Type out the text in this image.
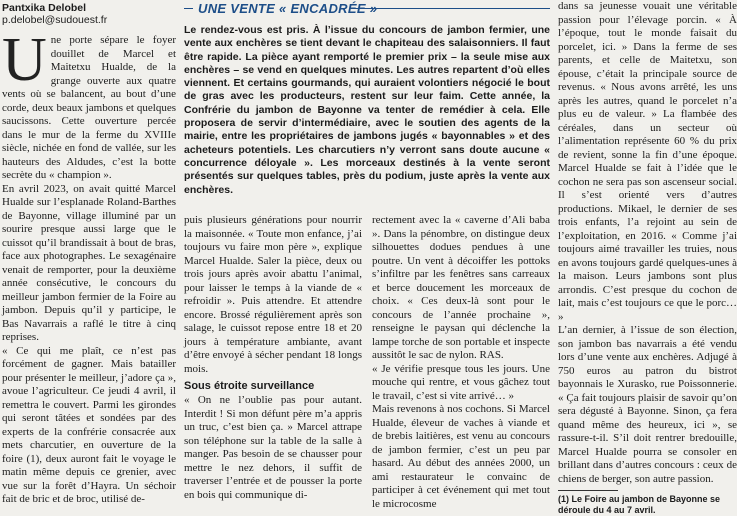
Pantxika Delobel
p.delobel@sudouest.fr
Une porte sépare le foyer douillet de Marcel et Maitetxu Hualde, de la grange ouverte aux quatre vents où se balancent, au bout d’une corde, deux beaux jambons et quelques saucissons. Cette ouverture percée dans le mur de la ferme du XVIIIe siècle, nichée en fond de vallée, sur les hauteurs des Aldudes, c’est la botte secrète du « champion ».

En avril 2023, on avait quitté Marcel Hualde sur l’esplanade Roland-Barthes de Bayonne, village illuminé par un sourire presque aussi large que le cuissot qu’il brandissait à bout de bras, face aux photographes. Le sexagénaire venait de remporter, pour la deuxième année consécutive, le concours du meilleur jambon fermier de la Foire au jambon. Depuis qu’il y participe, le Bas Navarrais a raflé le titre à cinq reprises.

« Ce qui me plaît, ce n’est pas forcément de gagner. Mais batailler pour présenter le meilleur, j’adore ça », avoue l’agriculteur. Ce jeudi 4 avril, il remettra le couvert. Parmi les girondes qui seront tâtées et sondées par des experts de la confrérie consacrée aux mets charcutier, en ouverture de la foire (1), deux auront fait le voyage le matin même depuis ce grenier, avec vue sur la forêt d’Hayra. Un séchoir fait de bric et de broc, utilisé de-

UNE VENTE « ENCADRÉE »
Le rendez-vous est pris. À l’issue du concours de jambon fermier, une vente aux enchères se tient devant le chapiteau des salaisonniers. Il faut être rapide. La pièce ayant remporté le premier prix – la seule mise aux enchères – se vend en quelques minutes. Les autres repartent d’où elles viennent. Et certains gourmands, qui auraient volontiers négocié le bout de gras avec les producteurs, restent sur leur faim. Cette année, la Confrérie du jambon de Bayonne va tenter de remédier à cela. Elle proposera de servir d’intermédiaire, avec le soutien des agents de la mairie, entre les propriétaires de jambons jugés « bayonnables » et des acheteurs potentiels. Les charcutiers n’y verront sans doute aucune « concurrence déloyale ». Les morceaux destinés à la vente seront présentés sur quelques tables, près du podium, juste après la vente aux enchères.

puis plusieurs générations pour nourrir la maisonnée. « Toute mon enfance, j’ai toujours vu faire mon père », explique Marcel Hualde. Saler la pièce, deux ou trois jours après avoir abattu l’animal, pour laisser le temps à la viande de « refroidir ». Puis attendre. Et attendre encore. Brossé régulièrement après son salage, le cuissot repose entre 18 et 20 jours à température ambiante, avant d’être envoyé à sécher pendant 18 longs mois.

Sous étroite surveillance

« On ne l’oublie pas pour autant. Interdit ! Si mon défunt père m’a appris un truc, c’est bien ça. » Marcel attrape son téléphone sur la table de la salle à manger. Pas besoin de se chausser pour mettre le nez dehors, il suffit de traverser l’entrée et de pousser la porte en bois qui communique di-

rectement avec la « caverne d’Ali baba ». Dans la pénombre, on distingue deux silhouettes dodues pendues à une poutre. Un vent à décoiffer les pottoks s’infiltre par les fenêtres sans carreaux et berce doucement les morceaux de choix. « Ces deux-là sont pour le concours de l’année prochaine », renseigne le paysan qui déclenche la lampe torche de son portable et inspecte aussitôt le sac de nylon. RAS.

« Je vérifie presque tous les jours. Une mouche qui rentre, et vous gâchez tout le travail, c’est si vite arrivé… »

Mais revenons à nos cochons. Si Marcel Hualde, éleveur de vaches à viande et de brebis laitières, est venu au concours de jambon fermier, c’est un peu par hasard. Au début des années 2000, un ami restaurateur le convainc de participer à cet événement qui met tout le microcosme

dans sa jeunesse vouait une véritable passion pour l’élevage porcin. « À l’époque, tout le monde faisait du porcelet, ici. » Dans la ferme de ses parents, et celle de Maitetxu, son épouse, c’était la principale source de revenus. « Nous avons arrêté, les uns après les autres, quand le porcelet n’a plus eu de valeur. » La flambée des céréales, dans un secteur où l’alimentation représente 60 % du prix de revient, sonne la fin d’une époque. Marcel Hualde se fait à l’idée que le cochon ne sera pas son ascenseur social. Il s’est orienté vers d’autres productions. Mikael, le dernier de ses trois enfants, l’a rejoint au sein de l’exploitation, en 2016. « Comme j’ai toujours aimé travailler les truies, nous en avons toujours gardé quelques-unes à la maison. Leurs jambons sont plus arrondis. C’est presque du cochon de lait, mais c’est toujours ce que le porc… »

L’an dernier, à l’issue de son élection, son jambon bas navarrais a été vendu lors d’une vente aux enchères. Adjugé à 750 euros au patron du bistrot bayonnais le Xurasko, rue Poissonnerie. « Ça fait toujours plaisir de savoir qu’on sera dégusté à Bayonne. Sinon, ça fera quand même des heureux, ici », se rassure-t-il. S’il doit rentrer bredouille, Marcel Hualde pourra se consoler en brillant dans d’autres concours : ceux de chiens de berger, son autre passion.

(1) Le Foire au jambon de Bayonne se déroule du 4 au 7 avril.
